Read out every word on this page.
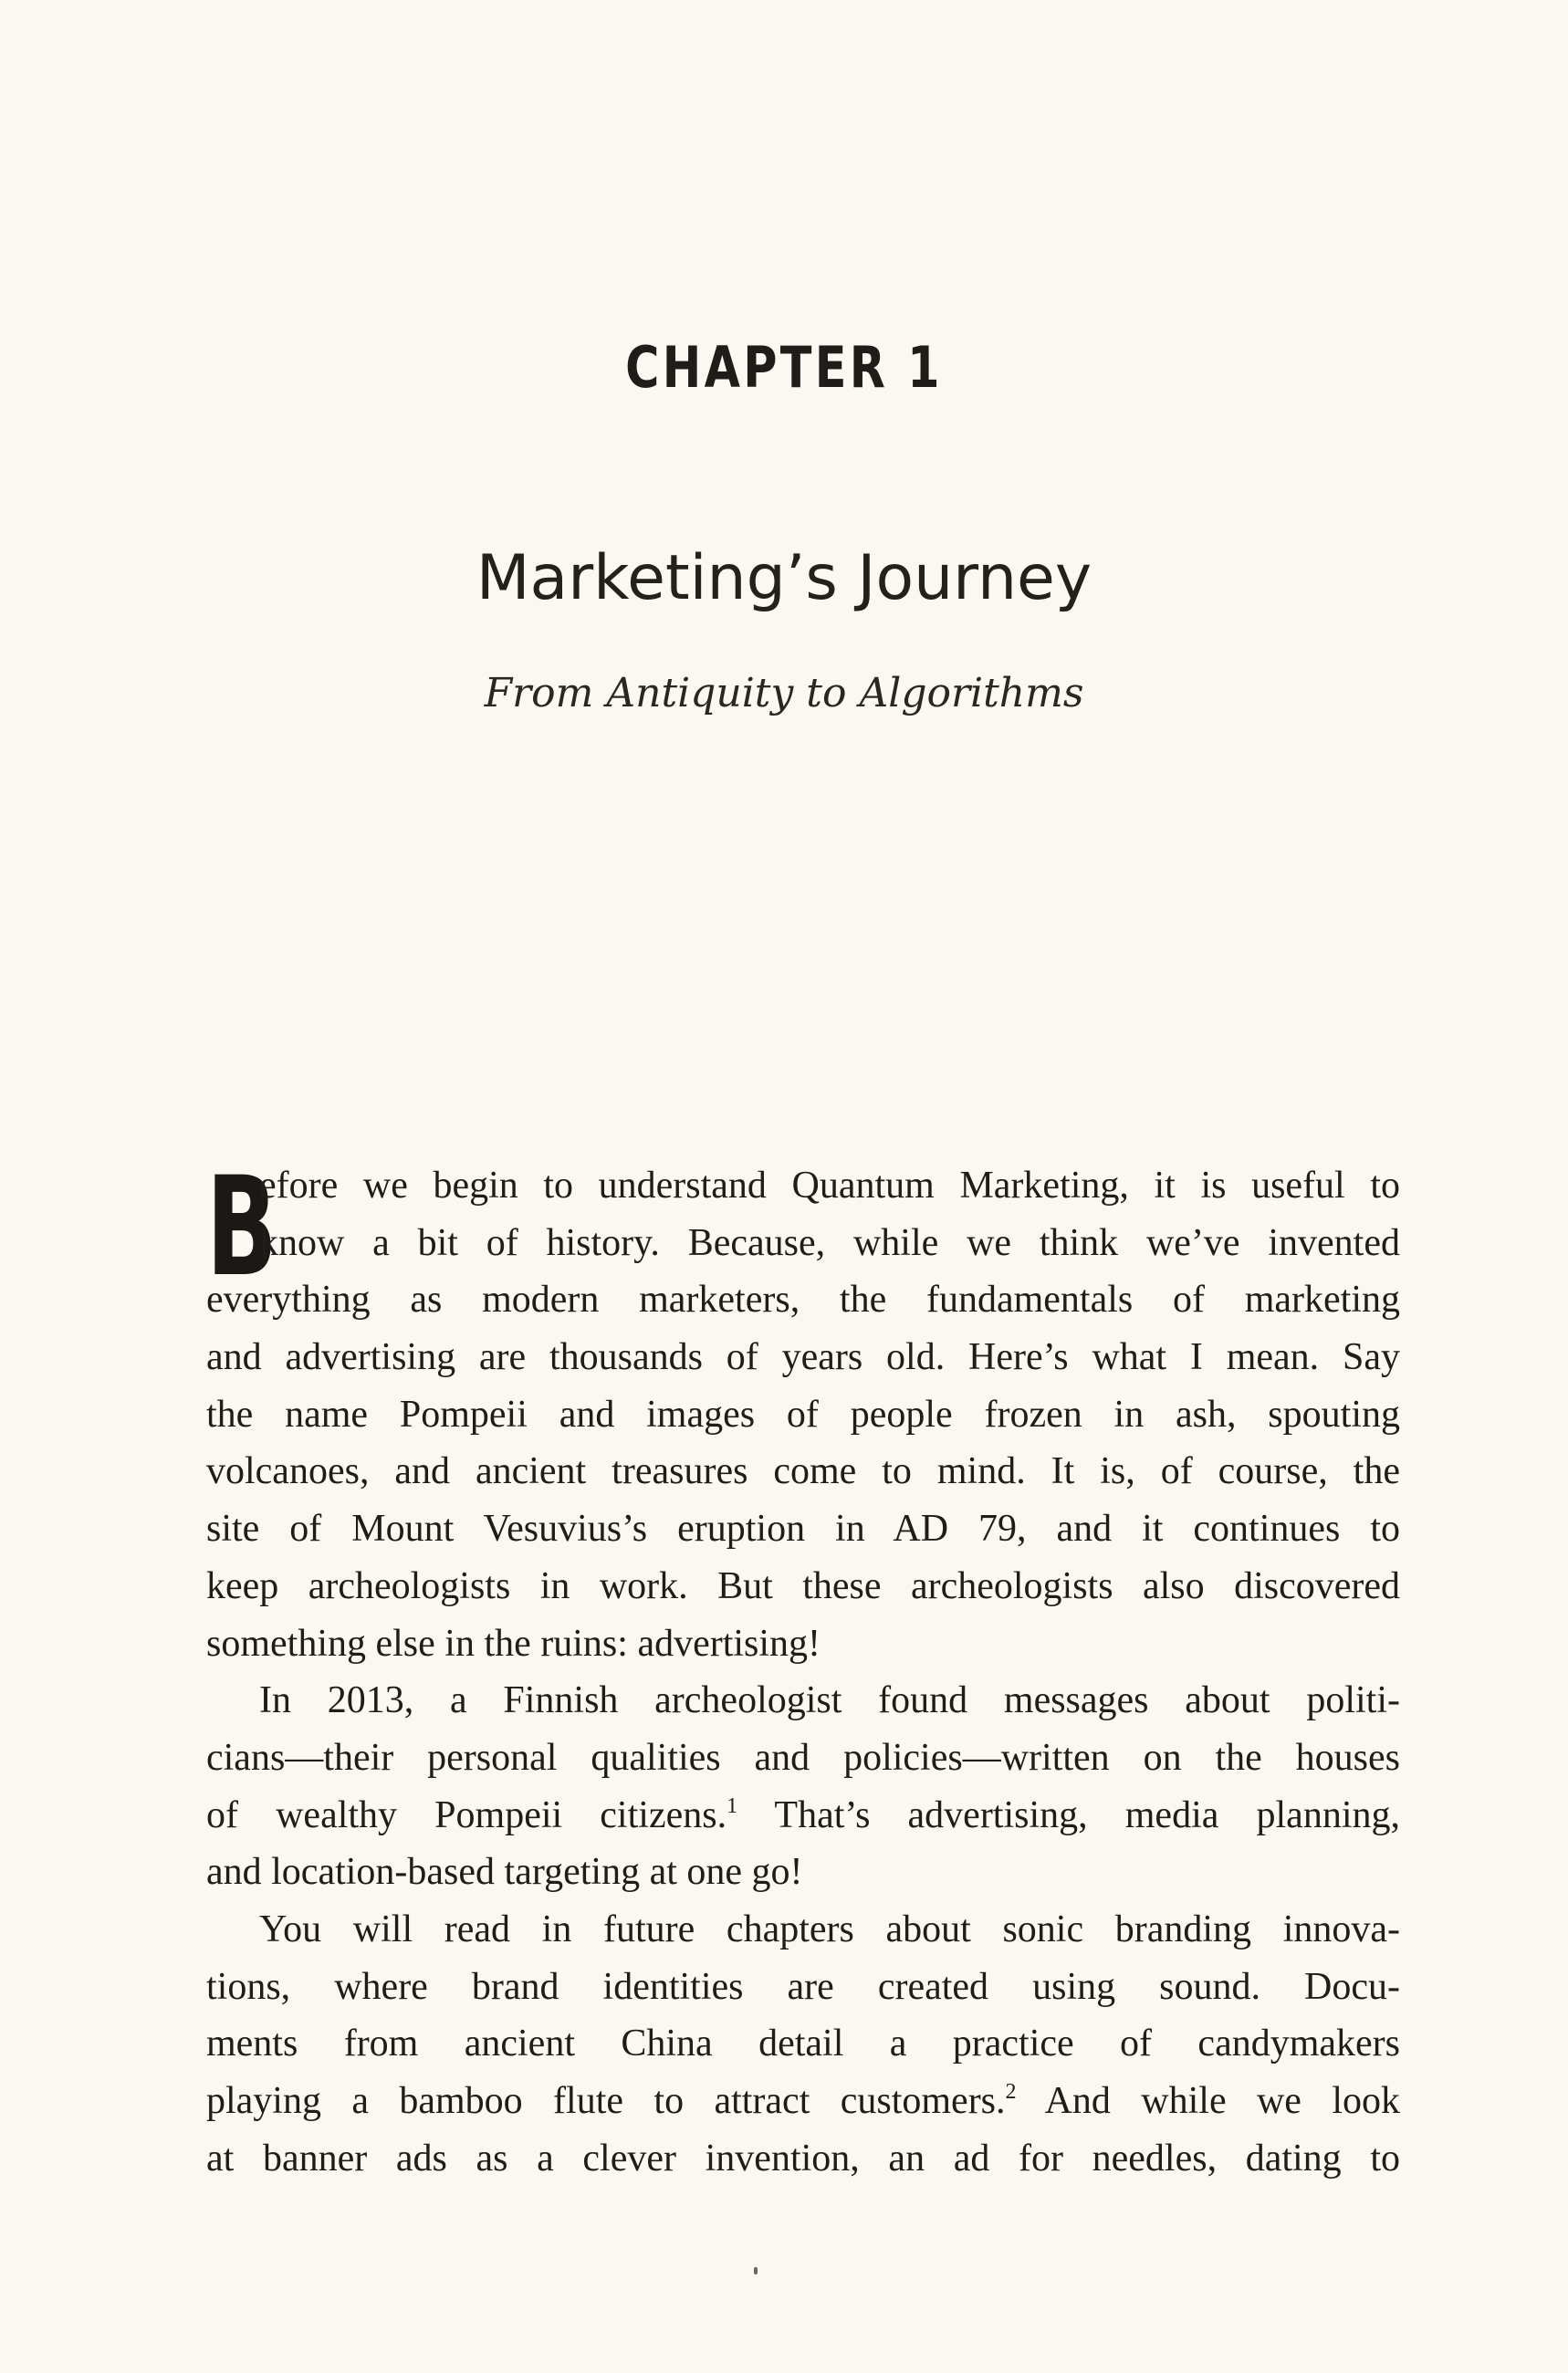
CHAPTER 1
Marketing’s Journey
From Antiquity to Algorithms
B
efore we begin to understand Quantum Marketing, it is useful to
know a bit of history. Because, while we think we’ve invented
everything as modern marketers, the fundamentals of marketing
and advertising are thousands of years old. Here’s what I mean. Say
the name Pompeii and images of people frozen in ash, spouting
volcanoes, and ancient treasures come to mind. It is, of course, the
site of Mount Vesuvius’s eruption in AD 79, and it continues to
keep archeologists in work. But these archeologists also discovered
something else in the ruins: advertising!
In 2013, a Finnish archeologist found messages about politi-
cians—their personal qualities and policies—written on the houses
of wealthy Pompeii citizens.$^1$ That’s advertising, media planning,
and location-based targeting at one go!
You will read in future chapters about sonic branding innova-
tions, where brand identities are created using sound. Docu-
ments from ancient China detail a practice of candymakers
playing a bamboo flute to attract customers.$^2$ And while we look
at banner ads as a clever invention, an ad for needles, dating to
